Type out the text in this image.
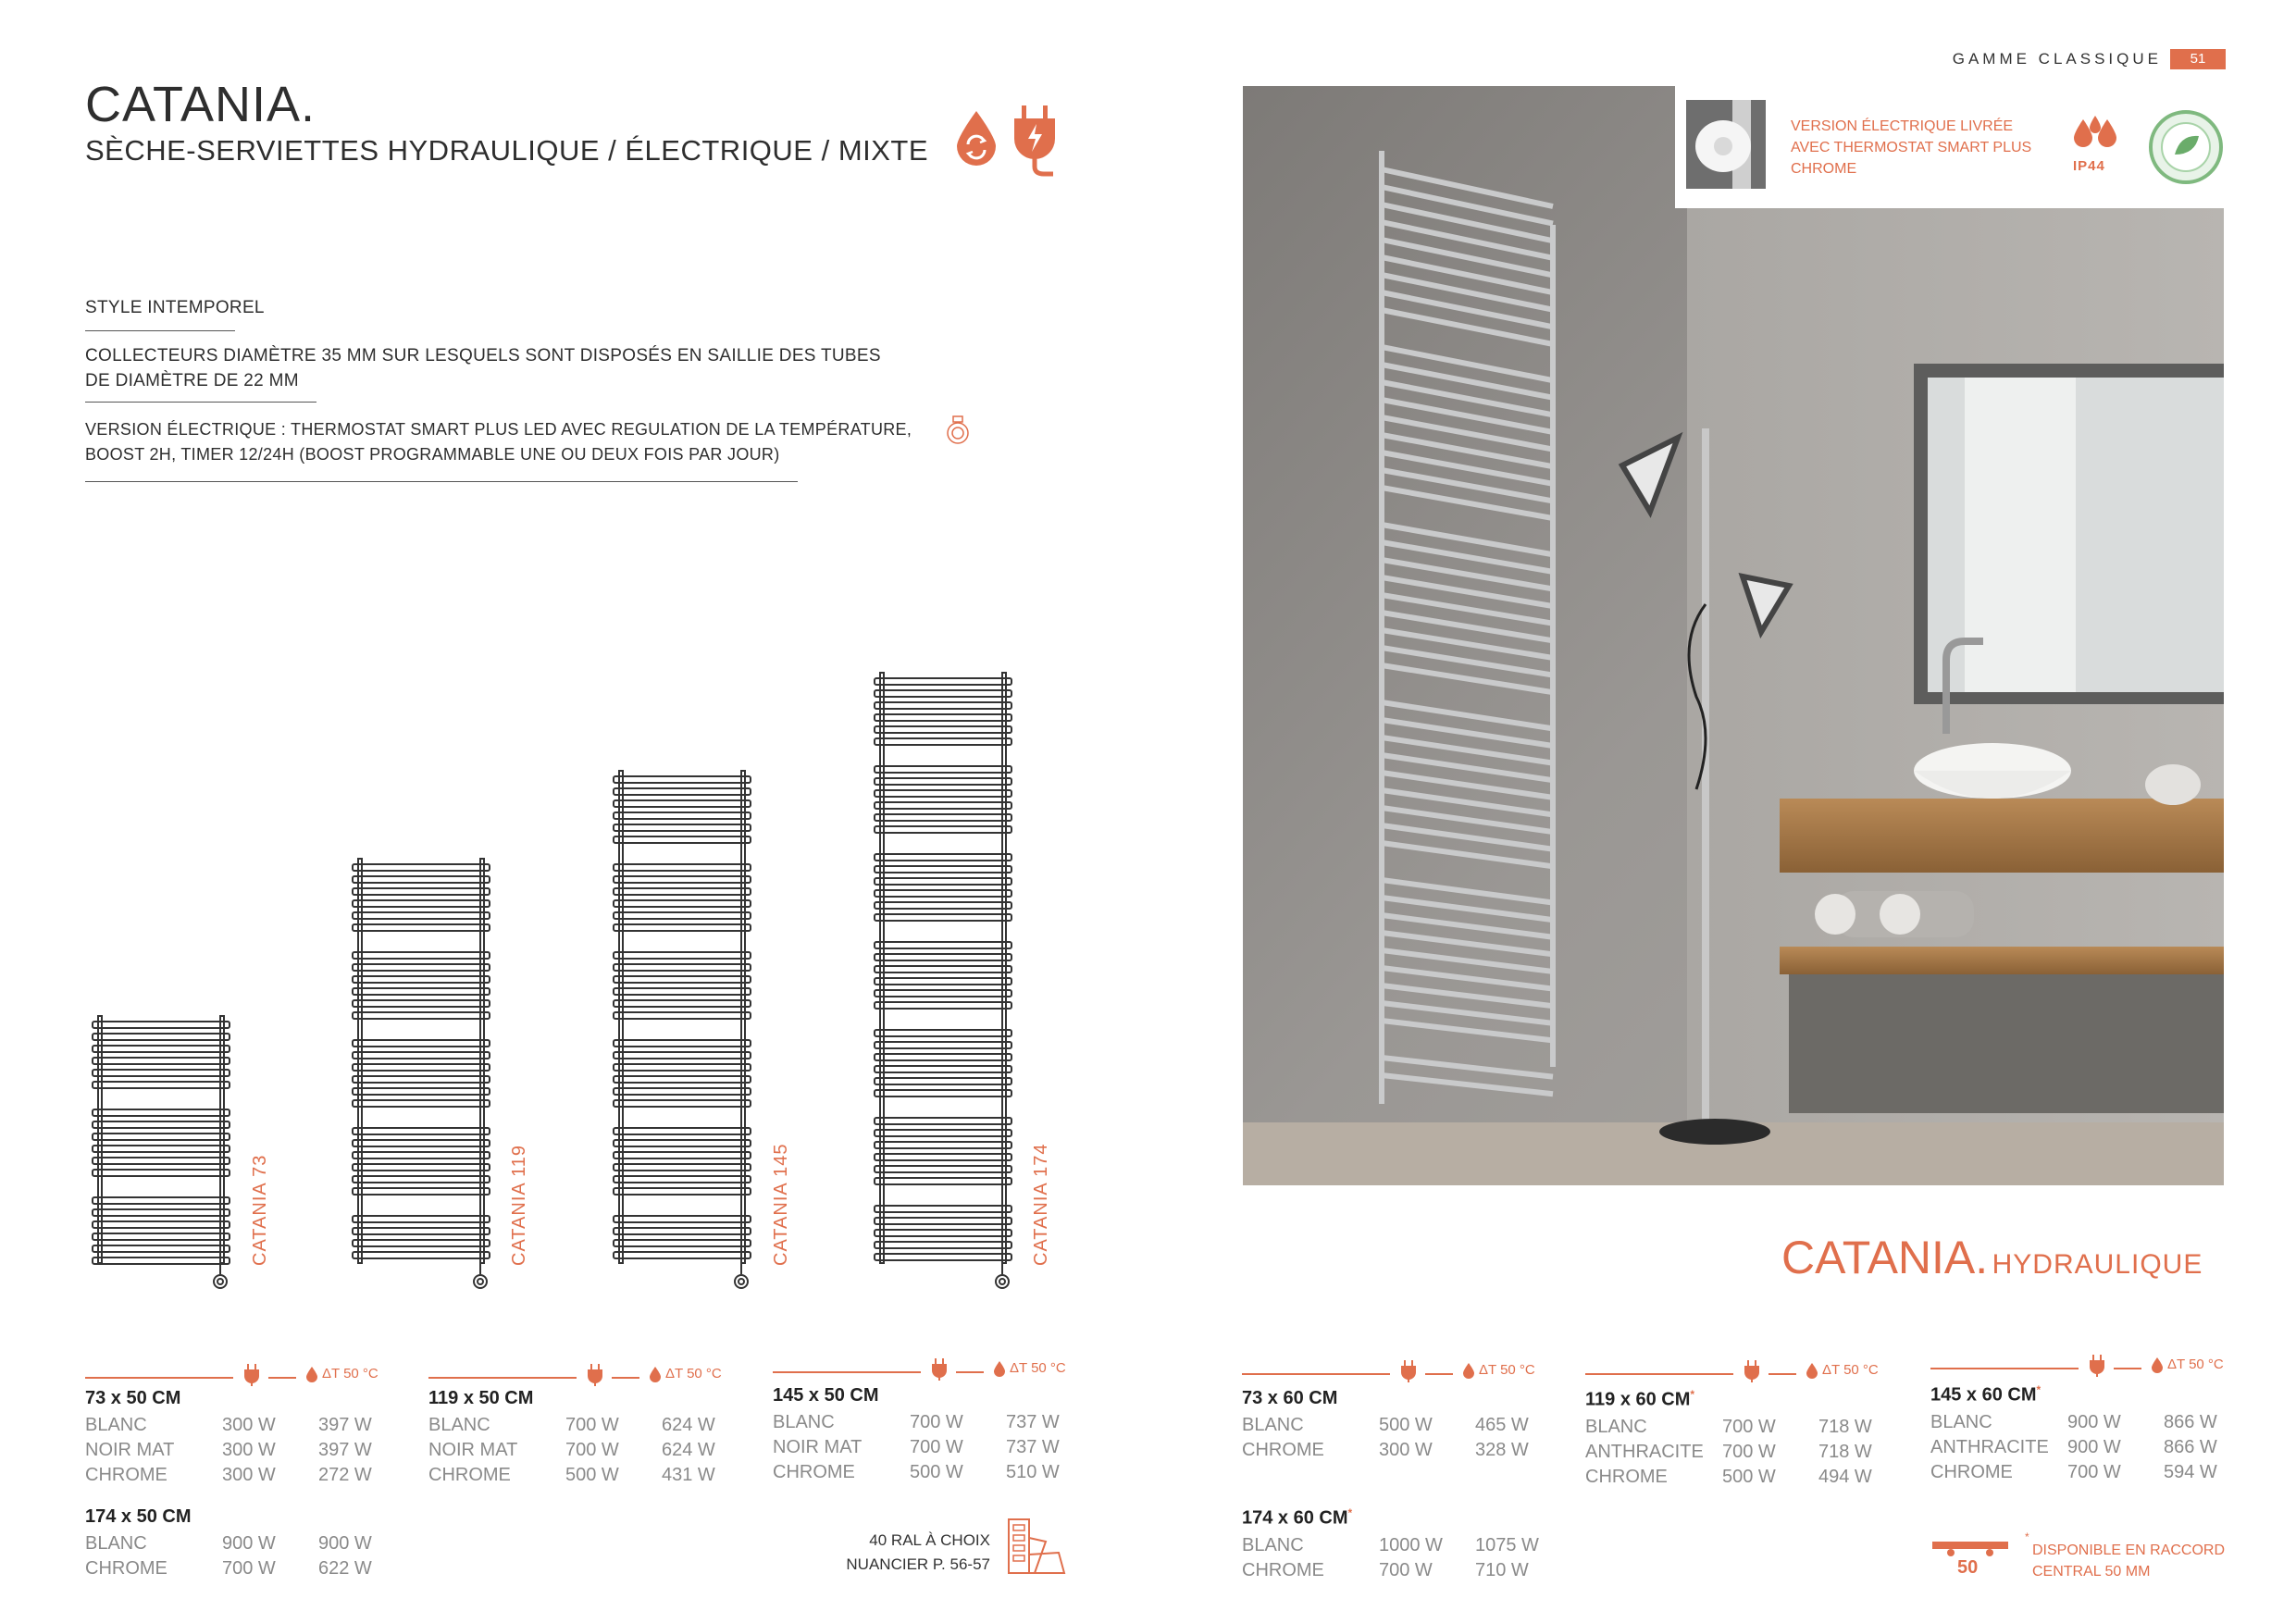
GAMME CLASSIQUE	51
CATANIA.
SÈCHE-SERVIETTES HYDRAULIQUE / ÉLECTRIQUE / MIXTE
STYLE INTEMPOREL
COLLECTEURS DIAMÈTRE 35 MM SUR LESQUELS SONT DISPOSÉS EN SAILLIE DES TUBES
DE DIAMÈTRE DE 22 MM
VERSION ÉLECTRIQUE : THERMOSTAT SMART PLUS LED AVEC REGULATION DE LA TEMPÉRATURE,
BOOST 2H, TIMER 12/24H (BOOST PROGRAMMABLE UNE OU DEUX FOIS PAR JOUR)
CATANIA 73	CATANIA 119	CATANIA 145	CATANIA 174
ΔT 50 °C	ΔT 50 °C	ΔT 50 °C	ΔT 50 °C	ΔT 50 °C	ΔT 50 °C
73 x 50 CM
BLANC	300 W	397 W
NOIR MAT	300 W	397 W
CHROME	300 W	272 W
119 x 50 CM
BLANC	700 W	624 W
NOIR MAT	700 W	624 W
CHROME	500 W	431 W
145 x 50 CM
BLANC	700 W	737 W
NOIR MAT	700 W	737 W
CHROME	500 W	510 W
174 x 50 CM
BLANC	900 W	900 W
CHROME	700 W	622 W
40 RAL À CHOIX
NUANCIER P. 56-57
VERSION ÉLECTRIQUE LIVRÉE
AVEC THERMOSTAT SMART PLUS
CHROME	IP44
CATANIA. HYDRAULIQUE
73 x 60 CM
BLANC	500 W	465 W
CHROME	300 W	328 W
119 x 60 CM*
BLANC	700 W	718 W
ANTHRACITE	700 W	718 W
CHROME	500 W	494 W
145 x 60 CM*
BLANC	900 W	866 W
ANTHRACITE	900 W	866 W
CHROME	700 W	594 W
174 x 60 CM*
BLANC	1000 W	1075 W
CHROME	700 W	710 W	50
*
DISPONIBLE EN RACCORD
CENTRAL 50 MM
